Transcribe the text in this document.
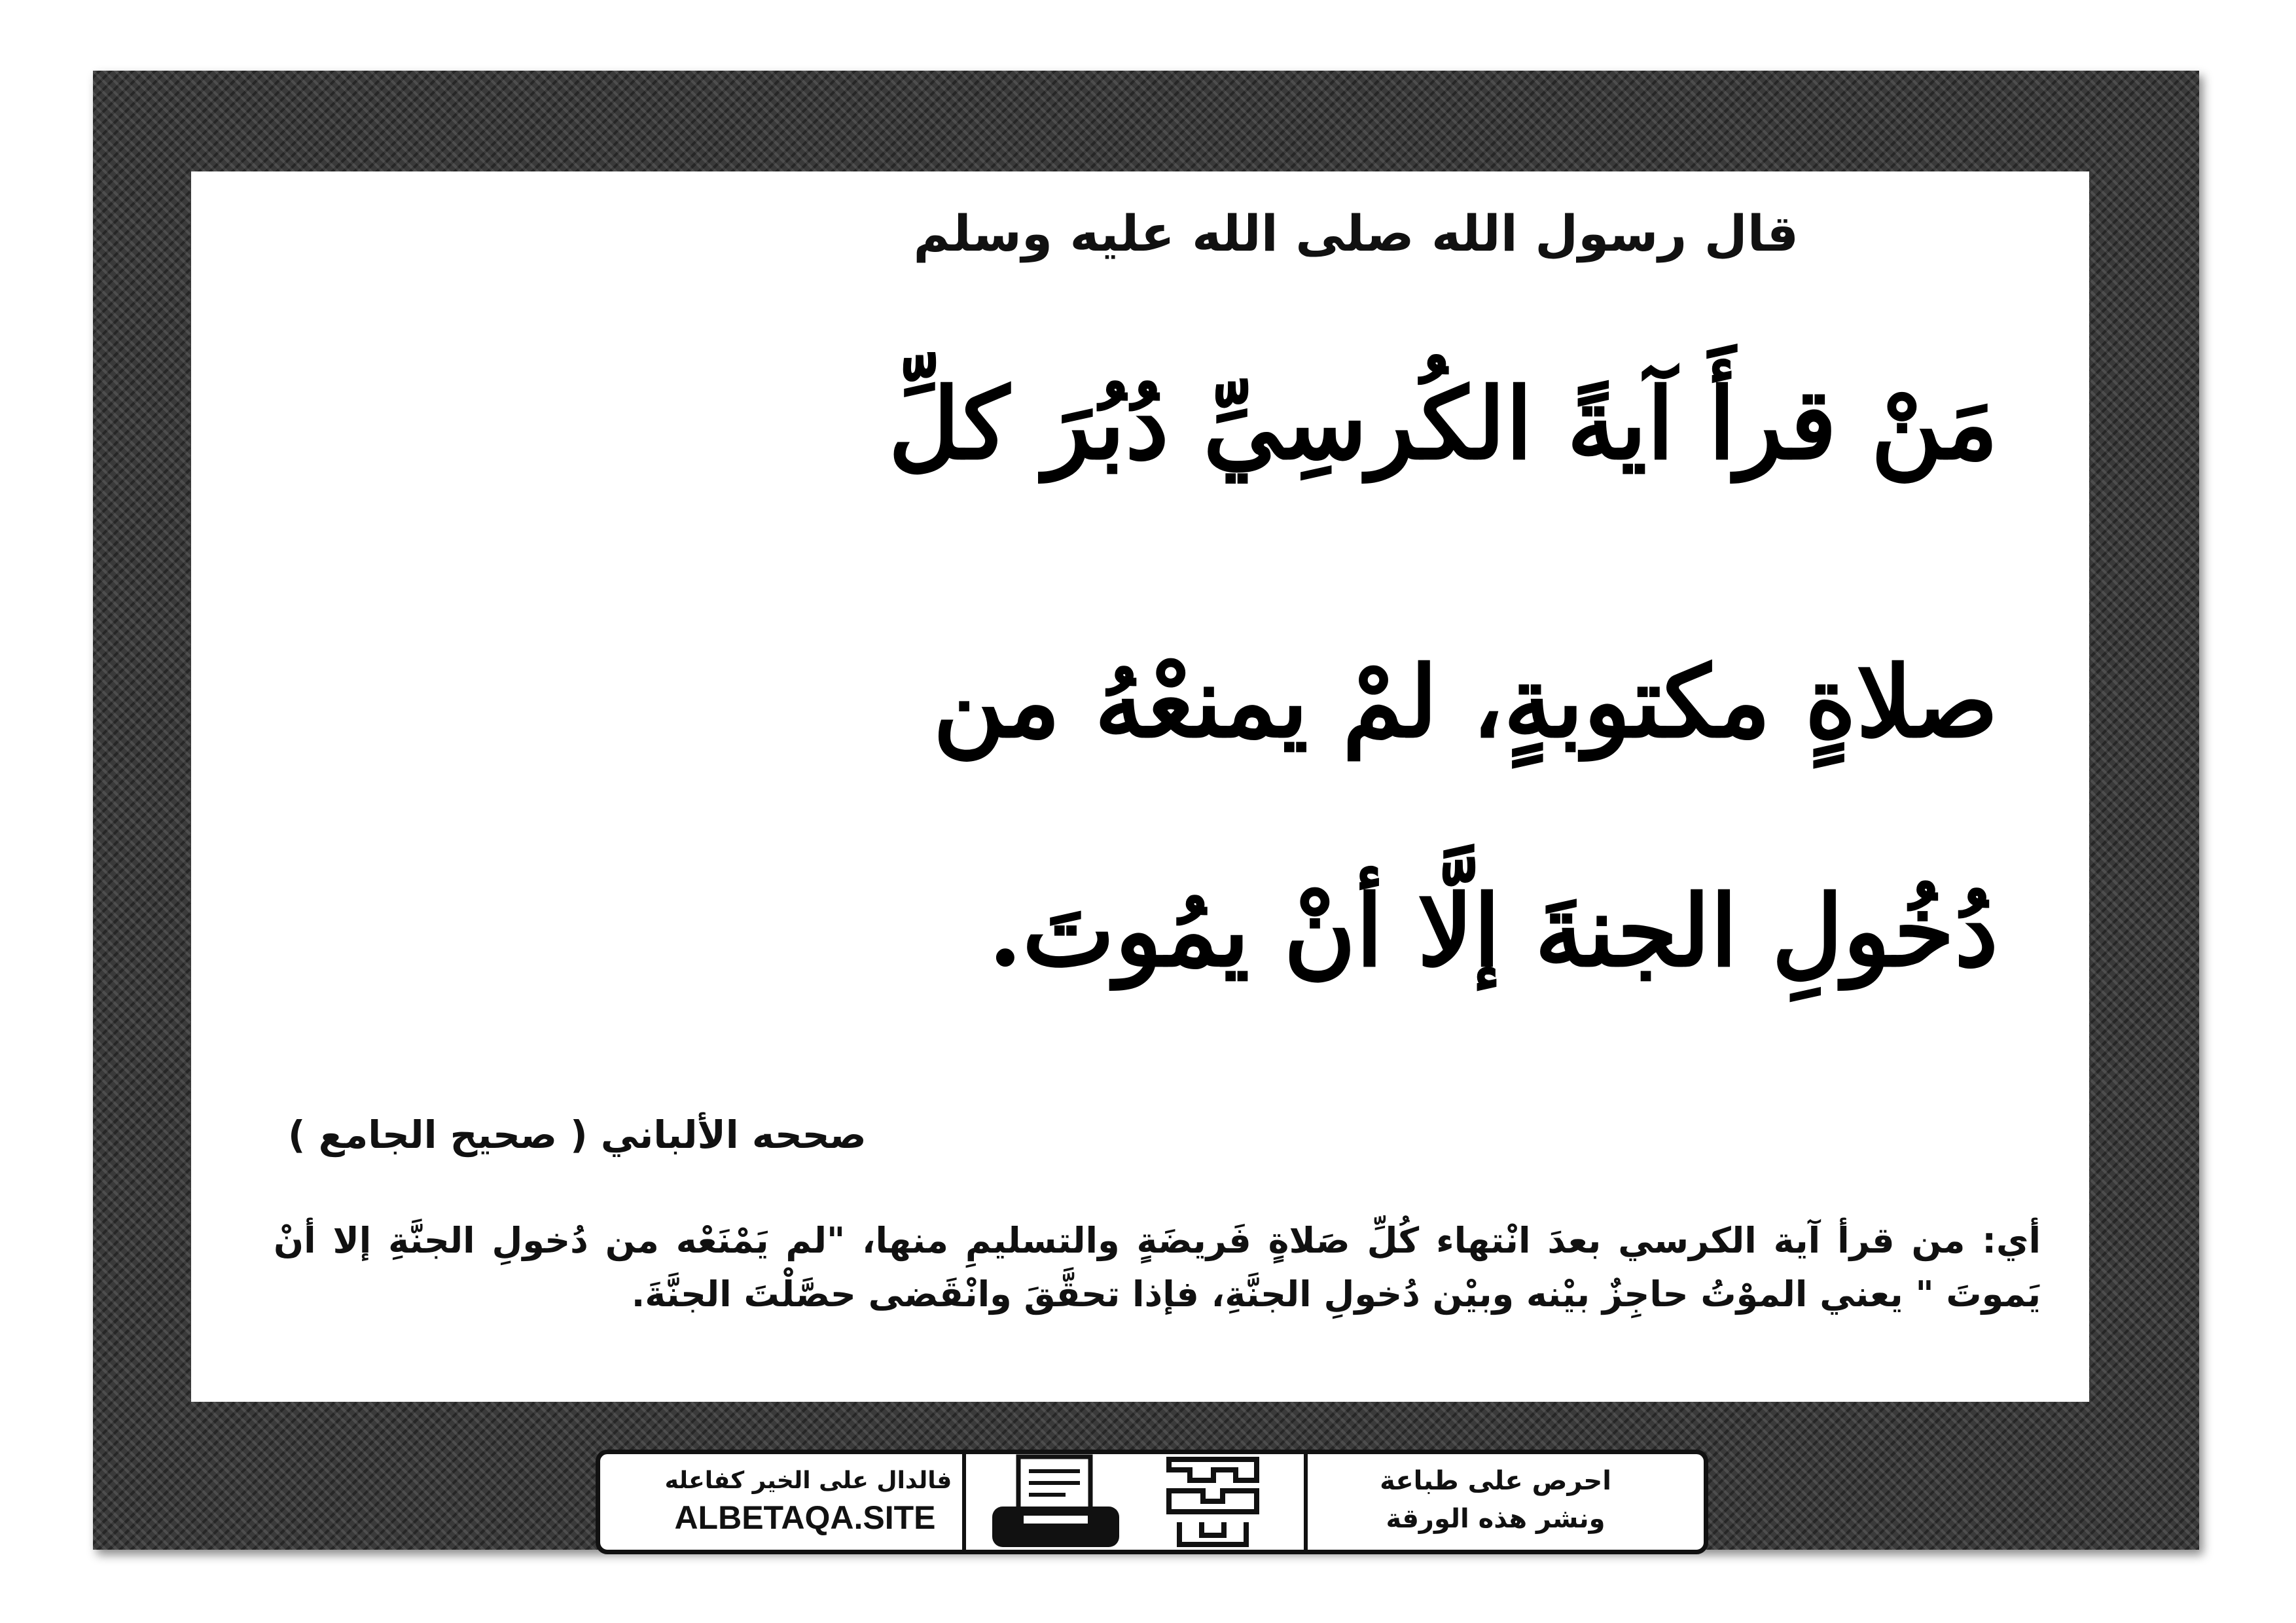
قال رسول الله صلى الله عليه وسلم
مَنْ قرأَ آيةً الكُرسِيِّ دُبُرَ كلِّ
صلاةٍ مكتوبةٍ، لمْ يمنعْهُ من
دُخُولِ الجنةَ إلَّا أنْ يمُوتَ.
صححه الألباني ( صحيح الجامع )
أي: من قرأ آية الكرسي بعدَ انْتهاء كُلِّ صَلاةٍ فَريضَةٍ والتسليمِ منها، "لم يَمْنَعْه من دُخولِ الجنَّةِ إلا أنْ يَموتَ " يعني الموْتُ حاجِزٌ بيْنه وبيْن دُخولِ الجنَّةِ، فإذا تحقَّقَ وانْقَضى حصَّلْتَ الجنَّةَ.
فالدال على الخير كفاعله
ALBETAQA.SITE
احرص على طباعة
ونشر هذه الورقة
